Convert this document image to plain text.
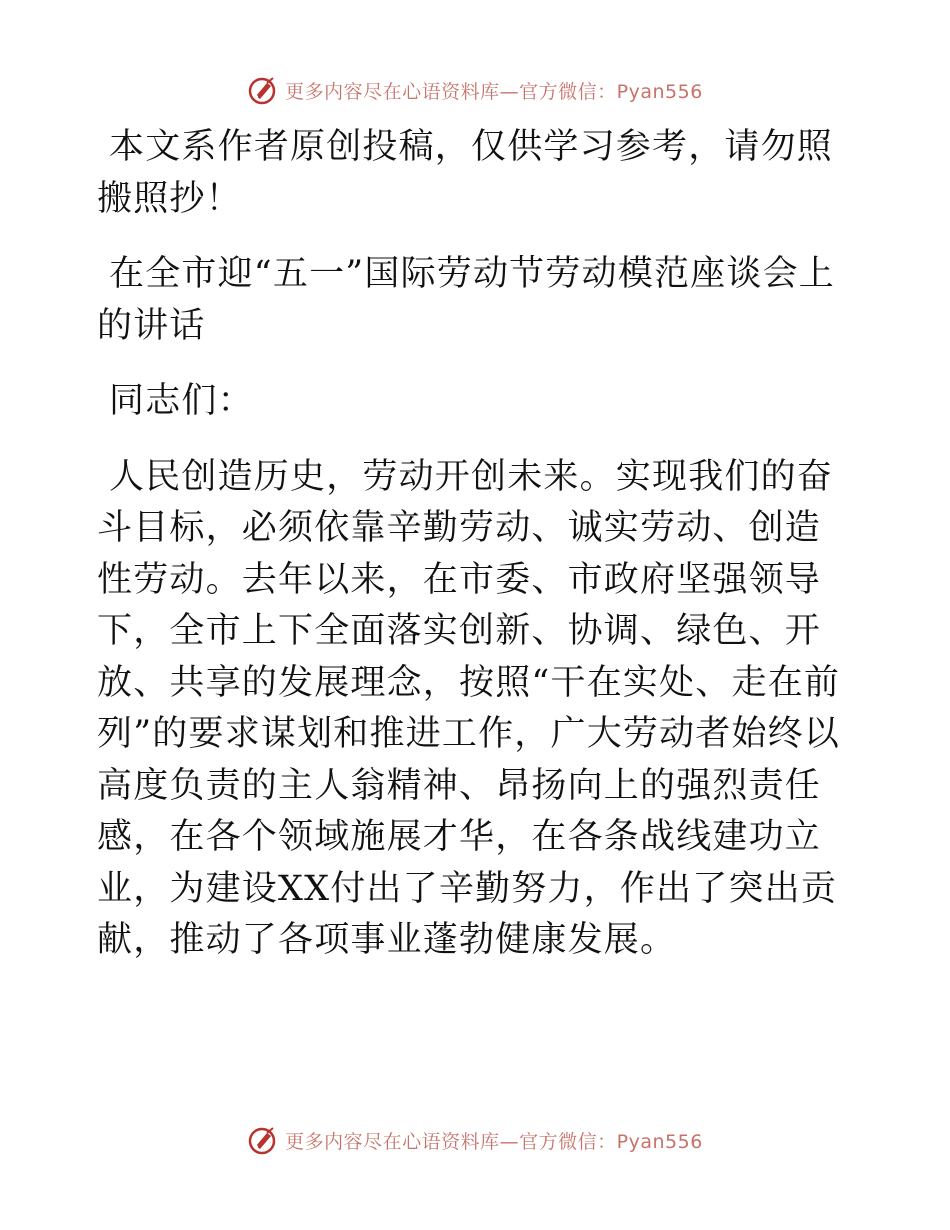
更多内容尽在心语资料库—官方微信：Pyan556

本文系作者原创投稿，仅供学习参考，请勿照搬照抄！

在全市迎“五一”国际劳动节劳动模范座谈会上的讲话

同志们：

人民创造历史，劳动开创未来。实现我们的奋斗目标，必须依靠辛勤劳动、诚实劳动、创造性劳动。去年以来，在市委、市政府坚强领导下，全市上下全面落实创新、协调、绿色、开放、共享的发展理念，按照“干在实处、走在前列”的要求谋划和推进工作，广大劳动者始终以高度负责的主人翁精神、昂扬向上的强烈责任感，在各个领域施展才华，在各条战线建功立业，为建设XX付出了辛勤努力，作出了突出贡献，推动了各项事业蓬勃健康发展。

更多内容尽在心语资料库—官方微信：Pyan556
